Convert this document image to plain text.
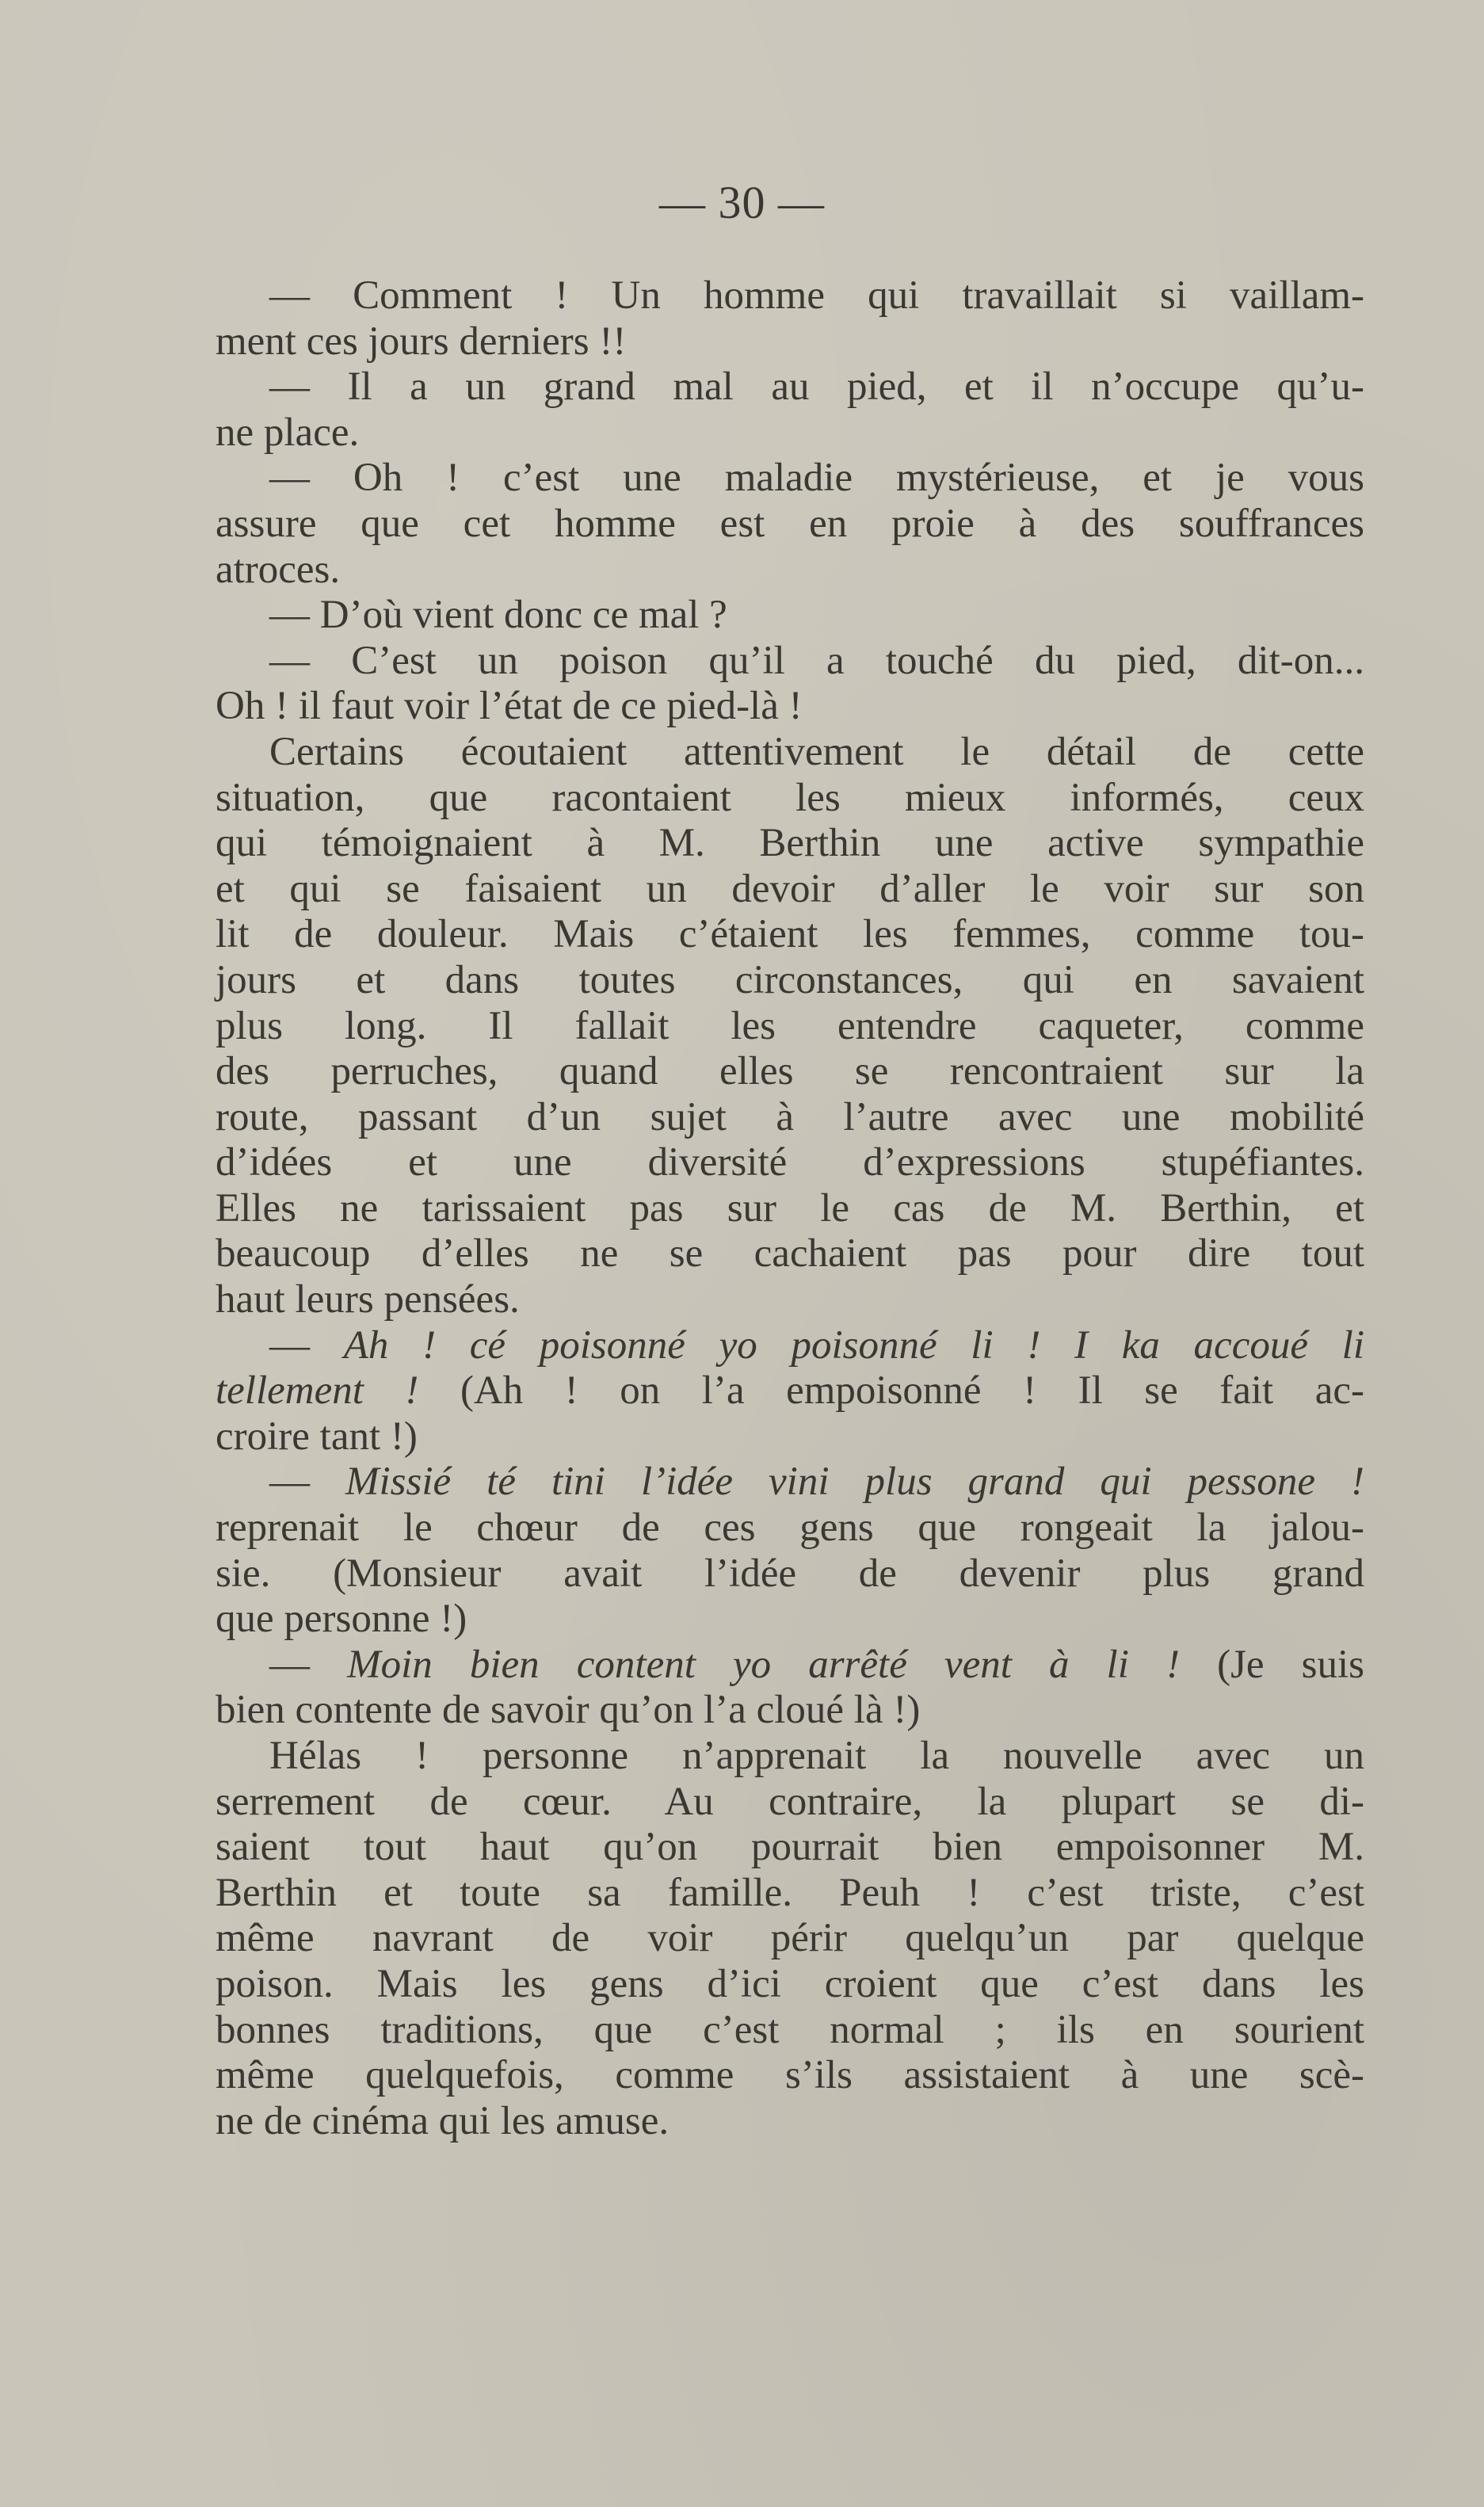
— 30 —
— Comment ! Un homme qui travaillait si vaillam-
ment ces jours derniers !!
— Il a un grand mal au pied, et il n’occupe qu’u-
ne place.
— Oh ! c’est une maladie mystérieuse, et je vous
assure que cet homme est en proie à des souffrances
atroces.
— D’où vient donc ce mal ?
— C’est un poison qu’il a touché du pied, dit-on...
Oh ! il faut voir l’état de ce pied-là !
Certains écoutaient attentivement le détail de cette
situation, que racontaient les mieux informés, ceux
qui témoignaient à M. Berthin une active sympathie
et qui se faisaient un devoir d’aller le voir sur son
lit de douleur. Mais c’étaient les femmes, comme tou-
jours et dans toutes circonstances, qui en savaient
plus long. Il fallait les entendre caqueter, comme
des perruches, quand elles se rencontraient sur la
route, passant d’un sujet à l’autre avec une mobilité
d’idées et une diversité d’expressions stupéfiantes.
Elles ne tarissaient pas sur le cas de M. Berthin, et
beaucoup d’elles ne se cachaient pas pour dire tout
haut leurs pensées.
— Ah ! cé poisonné yo poisonné li ! I ka accoué li
tellement ! (Ah ! on l’a empoisonné ! Il se fait ac-
croire tant !)
— Missié té tini l’idée vini plus grand qui pessone !
reprenait le chœur de ces gens que rongeait la jalou-
sie. (Monsieur avait l’idée de devenir plus grand
que personne !)
— Moin bien content yo arrêté vent à li ! (Je suis
bien contente de savoir qu’on l’a cloué là !)
Hélas ! personne n’apprenait la nouvelle avec un
serrement de cœur. Au contraire, la plupart se di-
saient tout haut qu’on pourrait bien empoisonner M.
Berthin et toute sa famille. Peuh ! c’est triste, c’est
même navrant de voir périr quelqu’un par quelque
poison. Mais les gens d’ici croient que c’est dans les
bonnes traditions, que c’est normal ; ils en sourient
même quelquefois, comme s’ils assistaient à une scè-
ne de cinéma qui les amuse.
